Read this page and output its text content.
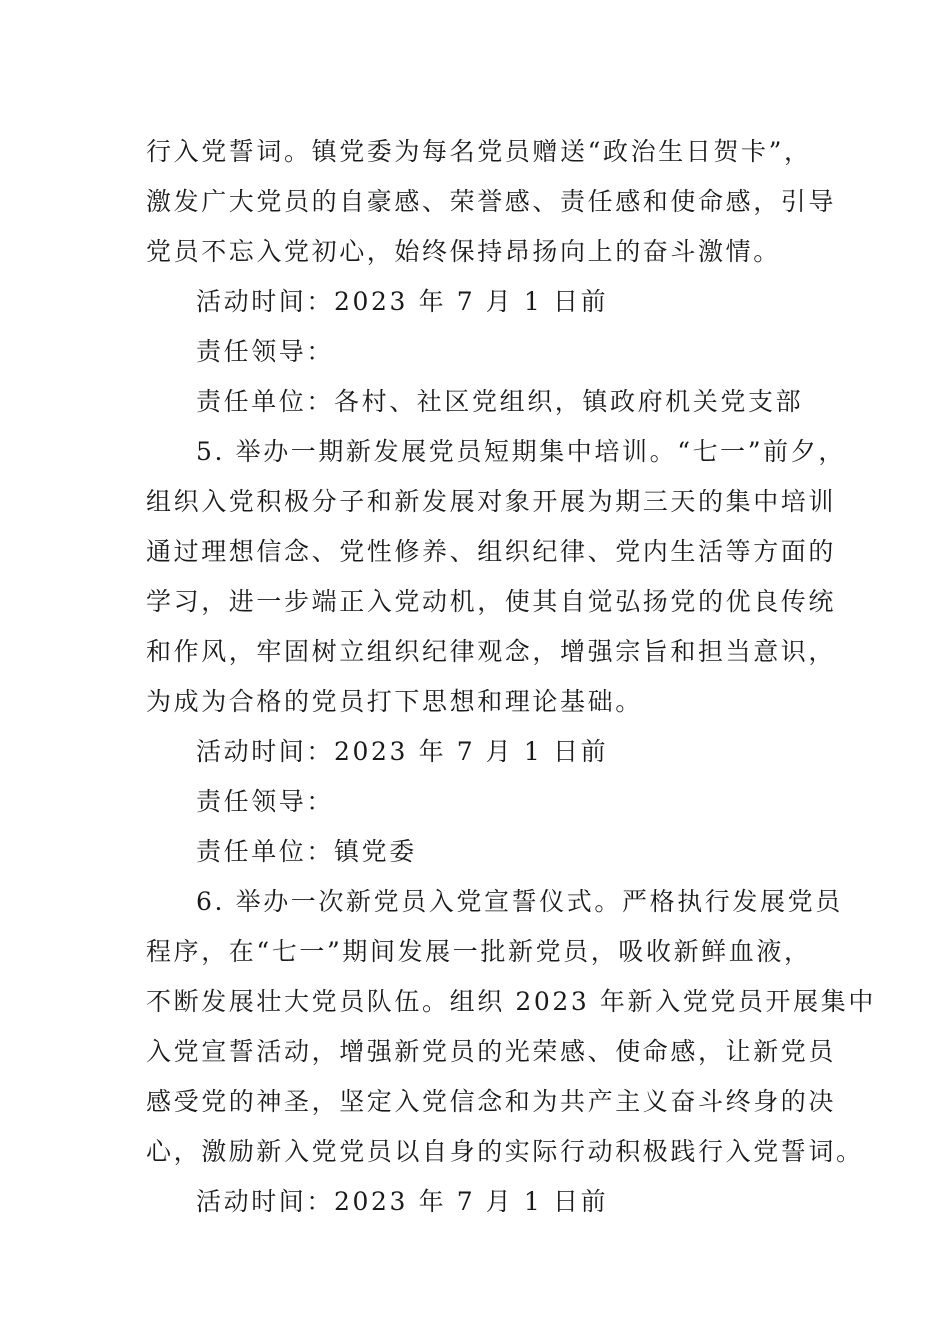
行入党誓词。镇党委为每名党员赠送“政治生日贺卡”，
激发广大党员的自豪感、荣誉感、责任感和使命感，引导
党员不忘入党初心，始终保持昂扬向上的奋斗激情。
活动时间：2023 年 7 月 1 日前
责任领导：
责任单位：各村、社区党组织，镇政府机关党支部
5. 举办一期新发展党员短期集中培训。“七一”前夕，
组织入党积极分子和新发展对象开展为期三天的集中培训
通过理想信念、党性修养、组织纪律、党内生活等方面的
学习，进一步端正入党动机，使其自觉弘扬党的优良传统
和作风，牢固树立组织纪律观念，增强宗旨和担当意识，
为成为合格的党员打下思想和理论基础。
活动时间：2023 年 7 月 1 日前
责任领导：
责任单位：镇党委
6. 举办一次新党员入党宣誓仪式。严格执行发展党员
程序，在“七一”期间发展一批新党员，吸收新鲜血液，
不断发展壮大党员队伍。组织 2023 年新入党党员开展集中
入党宣誓活动，增强新党员的光荣感、使命感，让新党员
感受党的神圣，坚定入党信念和为共产主义奋斗终身的决
心，激励新入党党员以自身的实际行动积极践行入党誓词。
活动时间：2023 年 7 月 1 日前
